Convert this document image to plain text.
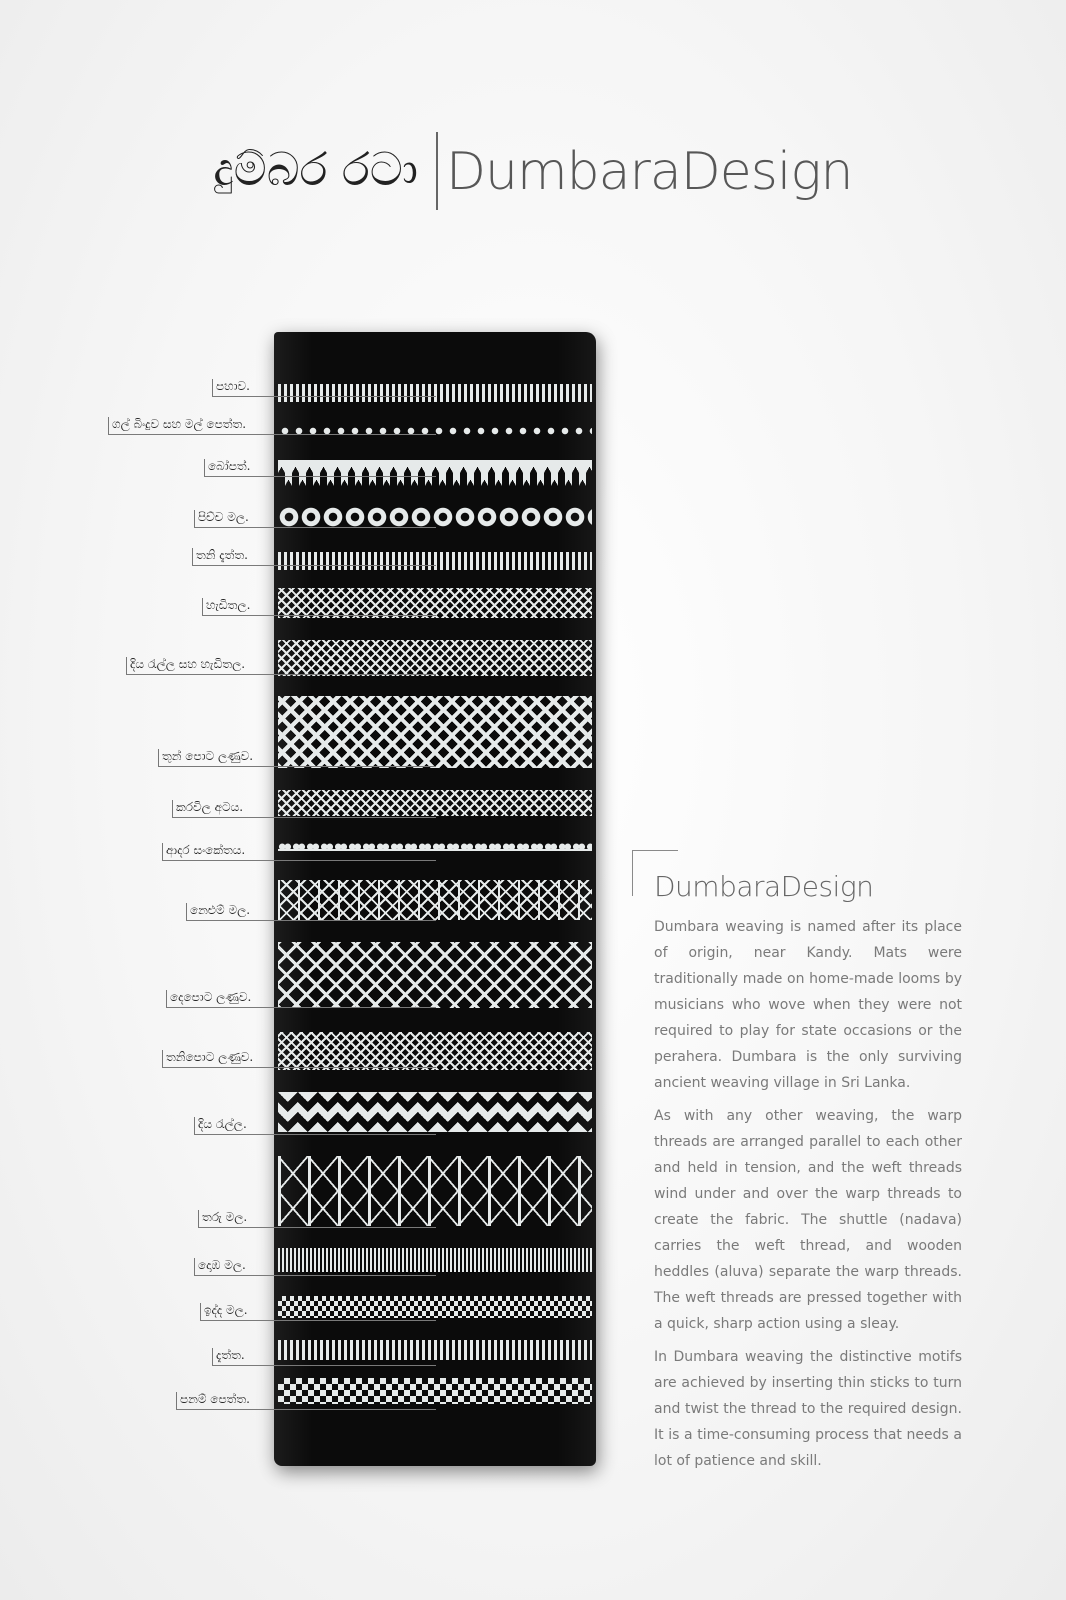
දුම්බර රටා DumbaraDesign
පහාව.
ගල් බිංදුව සහ මල් පෙත්ත.
බෝපත්.
පිච්ච මල.
තනි දැත්ත.
හැඩිතල.
දිය රැල්ල සහ හැඩිතල.
තුන් පොට ලණුව.
කරවිල අටය.
ආදර සංකේතය.
නෙළුම් මල.
දෙපොට ලණුව.
තනිපොට ලණුව.
දිය රැල්ල.
තරු මල.
දොඹ මල.
ඉද්ද මල.
දැත්ත.
පනම් පෙත්ත.
DumbaraDesign

Dumbara weaving is named after its place of origin, near Kandy. Mats were traditionally made on home-made looms by musicians who wove when they were not required to play for state occasions or the perahera. Dumbara is the only surviving ancient weaving village in Sri Lanka.

As with any other weaving, the warp threads are arranged parallel to each other and held in tension, and the weft threads wind under and over the warp threads to create the fabric. The shuttle (nadava) carries the weft thread, and wooden heddles (aluva) separate the warp threads. The weft threads are pressed together with a quick, sharp action using a sleay.

In Dumbara weaving the distinctive motifs are achieved by inserting thin sticks to turn and twist the thread to the required design. It is a time-consuming process that needs a lot of patience and skill.
